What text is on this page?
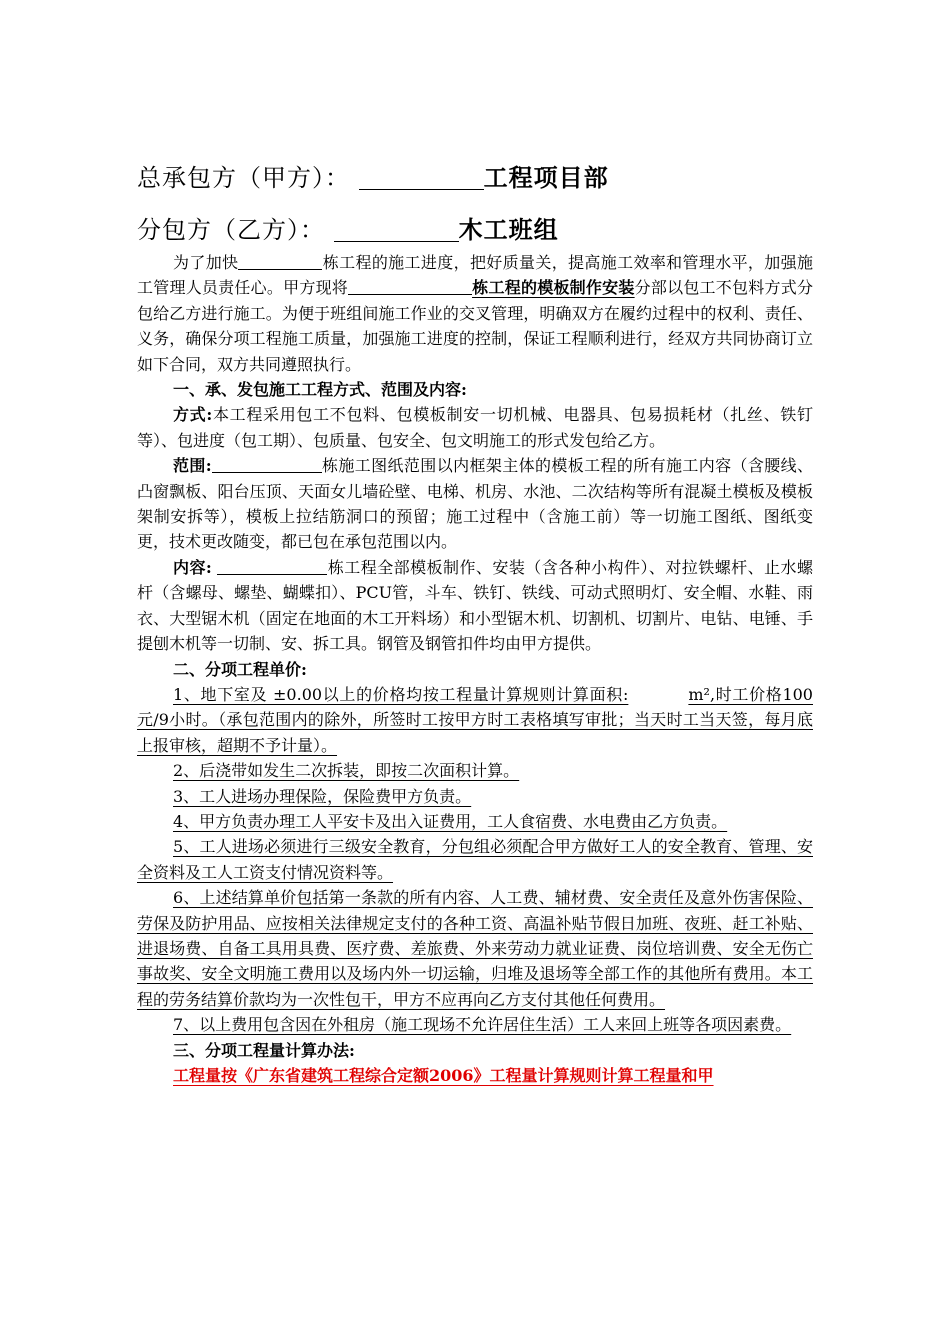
总承包方（甲方）：	工程项目部
分包方（乙方）：	木工班组

为了加快	栋工程的施工进度，把好质量关，提高施工效率和管理水平，加强施工管理人员责任心。甲方现将	栋工程的模板制作安装分部以包工不包料方式分包给乙方进行施工。为便于班组间施工作业的交叉管理，明确双方在履约过程中的权利、责任、义务，确保分项工程施工质量，加强施工进度的控制，保证工程顺利进行，经双方共同协商订立如下合同，双方共同遵照执行。

一、承、发包施工工程方式、范围及内容:

方式:本工程采用包工不包料、包模板制安一切机械、电器具、包易损耗材（扎丝、铁钉等）、包进度（包工期）、包质量、包安全、包文明施工的形式发包给乙方。

范围:	栋施工图纸范围以内框架主体的模板工程的所有施工内容（含腰线、凸窗飘板、阳台压顶、天面女儿墙砼壁、电梯、机房、水池、二次结构等所有混凝土模板及模板架制安拆等），模板上拉结筋洞口的预留；施工过程中（含施工前）等一切施工图纸、图纸变更，技术更改随变，都已包在承包范围以内。

内容:	栋工程全部模板制作、安装（含各种小构件）、对拉铁螺杆、止水螺杆（含螺母、螺垫、蝴蝶扣）、PCU管，斗车、铁钉、铁线、可动式照明灯、安全帽、水鞋、雨衣、大型锯木机（固定在地面的木工开料场）和小型锯木机、切割机、切割片、电钻、电锤、手提刨木机等一切制、安、拆工具。钢管及钢管扣件均由甲方提供。

二、分项工程单价:

1、地下室及 ±0.00以上的价格均按工程量计算规则计算面积:	m²,时工价格100元/9小时。（承包范围内的除外，所签时工按甲方时工表格填写审批；当天时工当天签，每月底上报审核，超期不予计量）。

2、后浇带如发生二次拆装，即按二次面积计算。

3、工人进场办理保险，保险费甲方负责。

4、甲方负责办理工人平安卡及出入证费用，工人食宿费、水电费由乙方负责。

5、工人进场必须进行三级安全教育，分包组必须配合甲方做好工人的安全教育、管理、安全资料及工人工资支付情况资料等。

6、上述结算单价包括第一条款的所有内容、人工费、辅材费、安全责任及意外伤害保险、劳保及防护用品、应按相关法律规定支付的各种工资、高温补贴节假日加班、夜班、赶工补贴、进退场费、自备工具用具费、医疗费、差旅费、外来劳动力就业证费、岗位培训费、安全无伤亡事故奖、安全文明施工费用以及场内外一切运输，归堆及退场等全部工作的其他所有费用。本工程的劳务结算价款均为一次性包干，甲方不应再向乙方支付其他任何费用。

7、以上费用包含因在外租房（施工现场不允许居住生活）工人来回上班等各项因素费。

三、分项工程量计算办法:

工程量按《广东省建筑工程综合定额2006》工程量计算规则计算工程量和甲
